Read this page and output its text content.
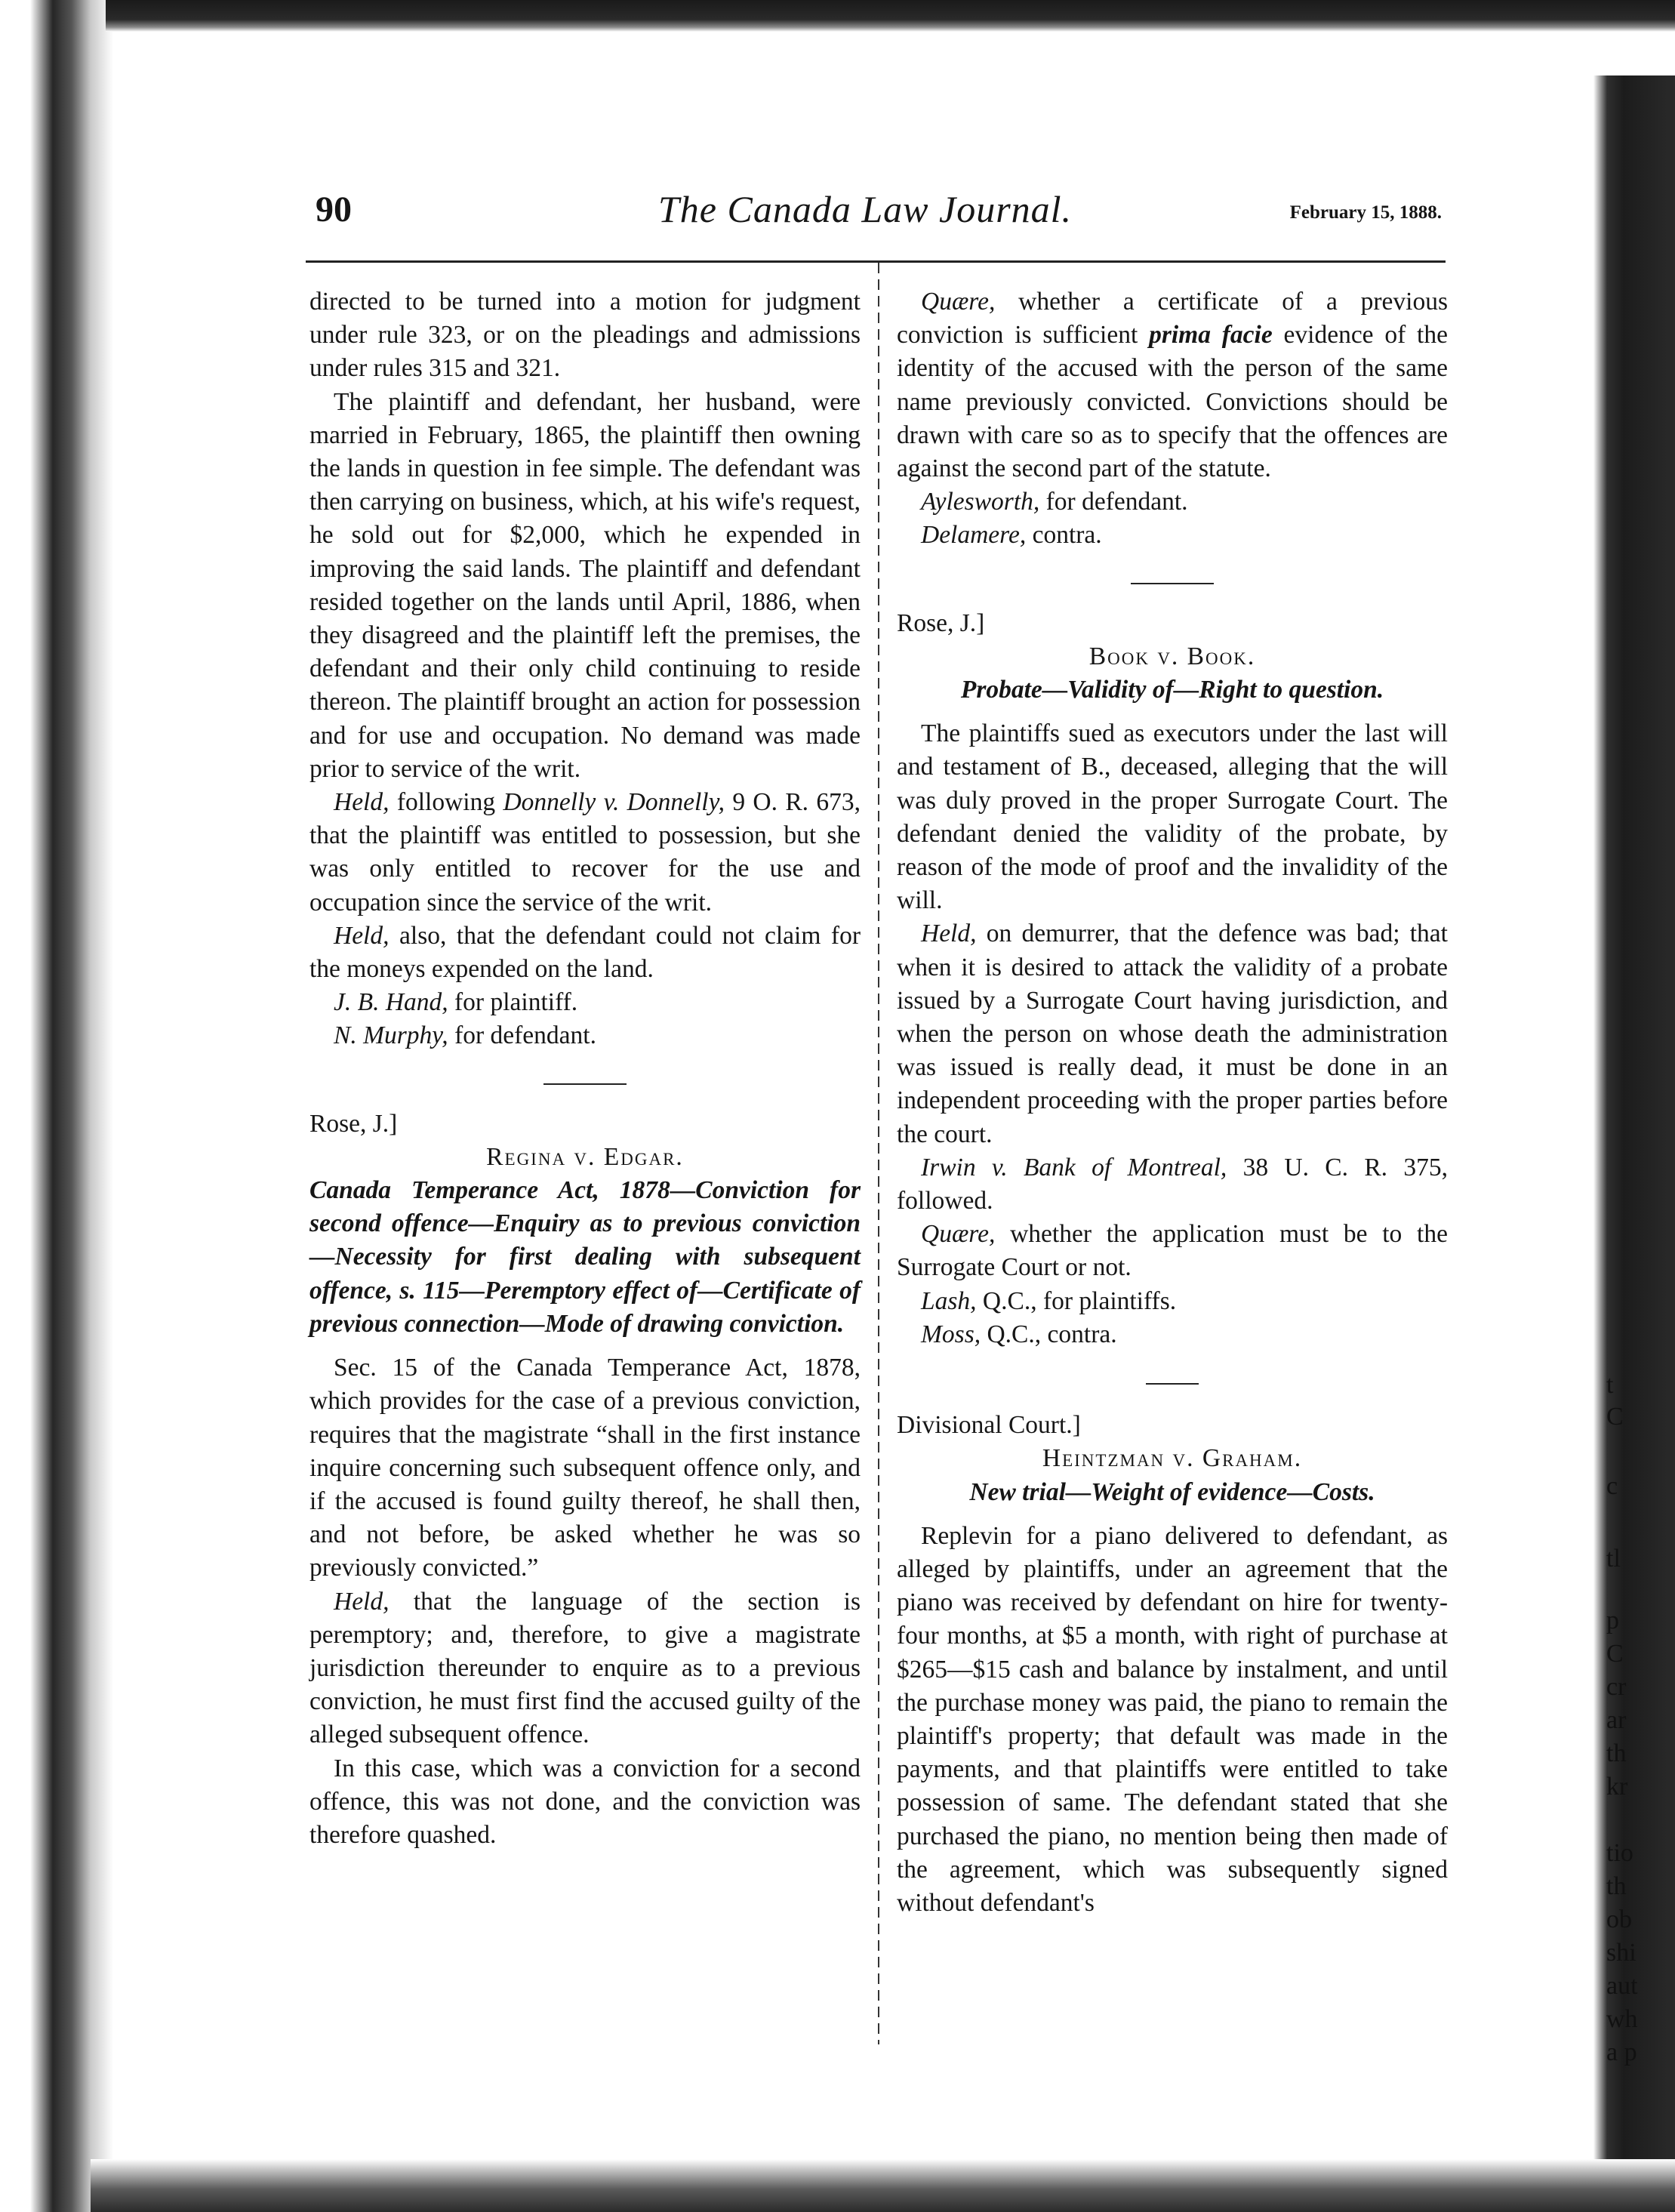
t
C
c
tl
p
C
cr
ar
th
kr
tio
th
ob
shi
aut
wh
a p
90	The Canada Law Journal.	February 15, 1888.

directed to be turned into a motion for judgment under rule 323, or on the pleadings and admissions under rules 315 and 321.

The plaintiff and defendant, her husband, were married in February, 1865, the plaintiff then owning the lands in question in fee simple. The defendant was then carrying on business, which, at his wife's request, he sold out for $2,000, which he expended in improving the said lands. The plaintiff and defendant resided together on the lands until April, 1886, when they disagreed and the plaintiff left the premises, the defendant and their only child continuing to reside thereon. The plaintiff brought an action for possession and for use and occupation. No demand was made prior to service of the writ.

Held, following Donnelly v. Donnelly, 9 O. R. 673, that the plaintiff was entitled to possession, but she was only entitled to recover for the use and occupation since the service of the writ.

Held, also, that the defendant could not claim for the moneys expended on the land.

J. B. Hand, for plaintiff.

N. Murphy, for defendant.

Rose, J.]

Regina v. Edgar.

Canada Temperance Act, 1878—Conviction for second offence—Enquiry as to previous conviction—Necessity for first dealing with subsequent offence, s. 115—Peremptory effect of—Certificate of previous connection—Mode of drawing conviction.

Sec. 15 of the Canada Temperance Act, 1878, which provides for the case of a previous conviction, requires that the magistrate “shall in the first instance inquire concerning such subsequent offence only, and if the accused is found guilty thereof, he shall then, and not before, be asked whether he was so previously convicted.”

Held, that the language of the section is peremptory; and, therefore, to give a magistrate jurisdiction thereunder to enquire as to a previous conviction, he must first find the accused guilty of the alleged subsequent offence.

In this case, which was a conviction for a second offence, this was not done, and the conviction was therefore quashed.

Quære, whether a certificate of a previous conviction is sufficient prima facie evidence of the identity of the accused with the person of the same name previously convicted. Convictions should be drawn with care so as to specify that the offences are against the second part of the statute.

Aylesworth, for defendant.

Delamere, contra.

Rose, J.]

Book v. Book.

Probate—Validity of—Right to question.

The plaintiffs sued as executors under the last will and testament of B., deceased, alleging that the will was duly proved in the proper Surrogate Court. The defendant denied the validity of the probate, by reason of the mode of proof and the invalidity of the will.

Held, on demurrer, that the defence was bad; that when it is desired to attack the validity of a probate issued by a Surrogate Court having jurisdiction, and when the person on whose death the administration was issued is really dead, it must be done in an independent proceeding with the proper parties before the court.

Irwin v. Bank of Montreal, 38 U. C. R. 375, followed.

Quære, whether the application must be to the Surrogate Court or not.

Lash, Q.C., for plaintiffs.

Moss, Q.C., contra.

Divisional Court.]

Heintzman v. Graham.

New trial—Weight of evidence—Costs.

Replevin for a piano delivered to defendant, as alleged by plaintiffs, under an agreement that the piano was received by defendant on hire for twenty-four months, at $5 a month, with right of purchase at $265—$15 cash and balance by instalment, and until the purchase money was paid, the piano to remain the plaintiff's property; that default was made in the payments, and that plaintiffs were entitled to take possession of same. The defendant stated that she purchased the piano, no mention being then made of the agreement, which was subsequently signed without defendant's
